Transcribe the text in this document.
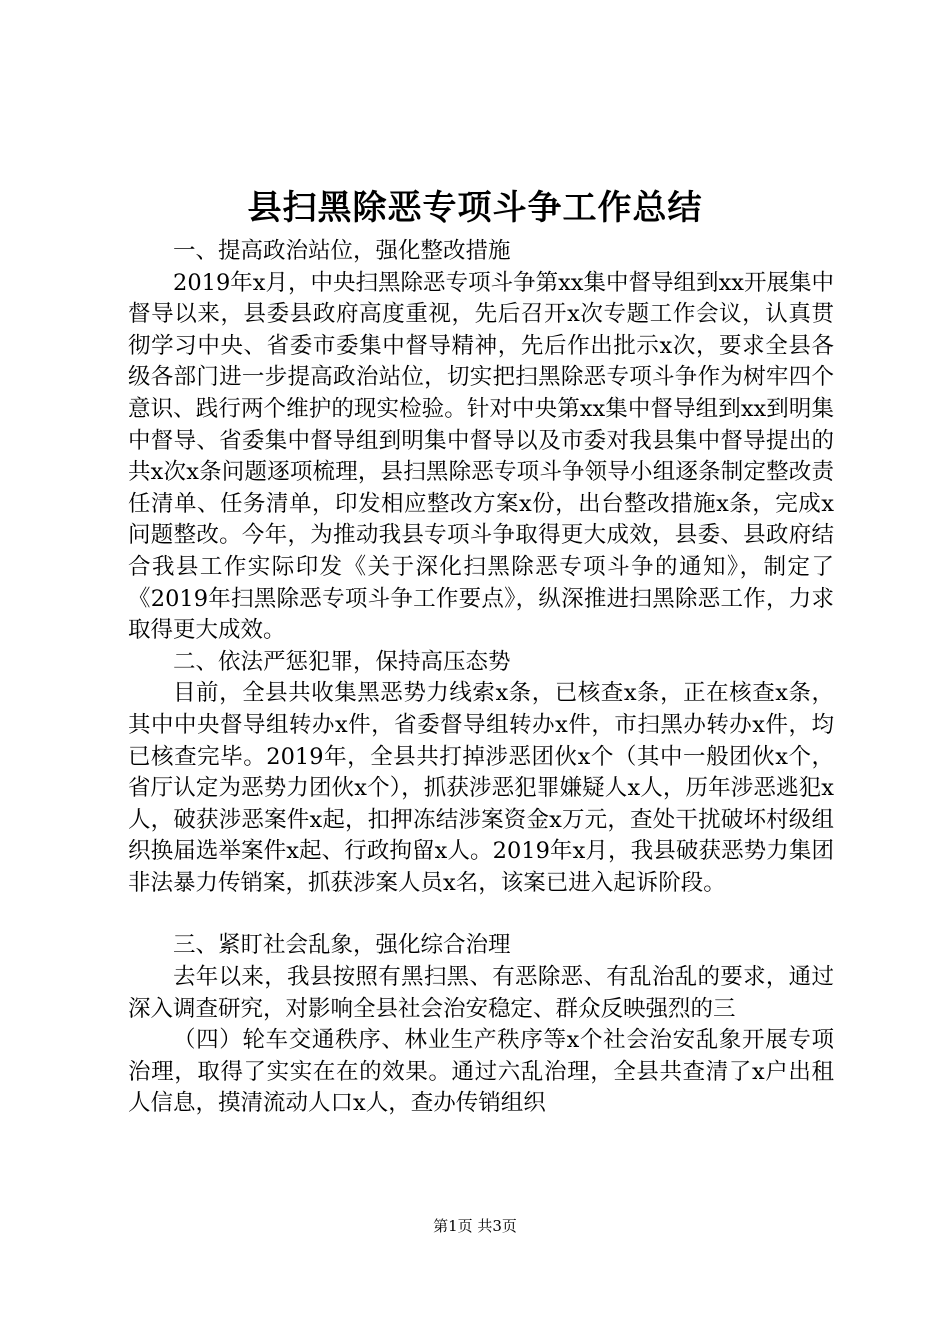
县扫黑除恶专项斗争工作总结

一、提高政治站位，强化整改措施

2019年x月，中央扫黑除恶专项斗争第xx集中督导组到xx开展集中督导以来，县委县政府高度重视，先后召开x次专题工作会议，认真贯彻学习中央、省委市委集中督导精神，先后作出批示x次，要求全县各级各部门进一步提高政治站位，切实把扫黑除恶专项斗争作为树牢四个意识、践行两个维护的现实检验。针对中央第xx集中督导组到xx到明集中督导、省委集中督导组到明集中督导以及市委对我县集中督导提出的共x次x条问题逐项梳理，县扫黑除恶专项斗争领导小组逐条制定整改责任清单、任务清单，印发相应整改方案x份，出台整改措施x条，完成x问题整改。今年，为推动我县专项斗争取得更大成效，县委、县政府结合我县工作实际印发《关于深化扫黑除恶专项斗争的通知》，制定了《2019年扫黑除恶专项斗争工作要点》，纵深推进扫黑除恶工作，力求取得更大成效。

二、依法严惩犯罪，保持高压态势

目前，全县共收集黑恶势力线索x条，已核查x条，正在核查x条，其中中央督导组转办x件，省委督导组转办x件，市扫黑办转办x件，均已核查完毕。2019年，全县共打掉涉恶团伙x个（其中一般团伙x个，省厅认定为恶势力团伙x个），抓获涉恶犯罪嫌疑人x人，历年涉恶逃犯x人，破获涉恶案件x起，扣押冻结涉案资金x万元，查处干扰破坏村级组织换届选举案件x起、行政拘留x人。2019年x月，我县破获恶势力集团非法暴力传销案，抓获涉案人员x名，该案已进入起诉阶段。

三、紧盯社会乱象，强化综合治理

去年以来，我县按照有黑扫黑、有恶除恶、有乱治乱的要求，通过深入调查研究，对影响全县社会治安稳定、群众反映强烈的三

（四）轮车交通秩序、林业生产秩序等x个社会治安乱象开展专项治理，取得了实实在在的效果。通过六乱治理，全县共查清了x户出租人信息，摸清流动人口x人，查办传销组织

第1页 共3页
